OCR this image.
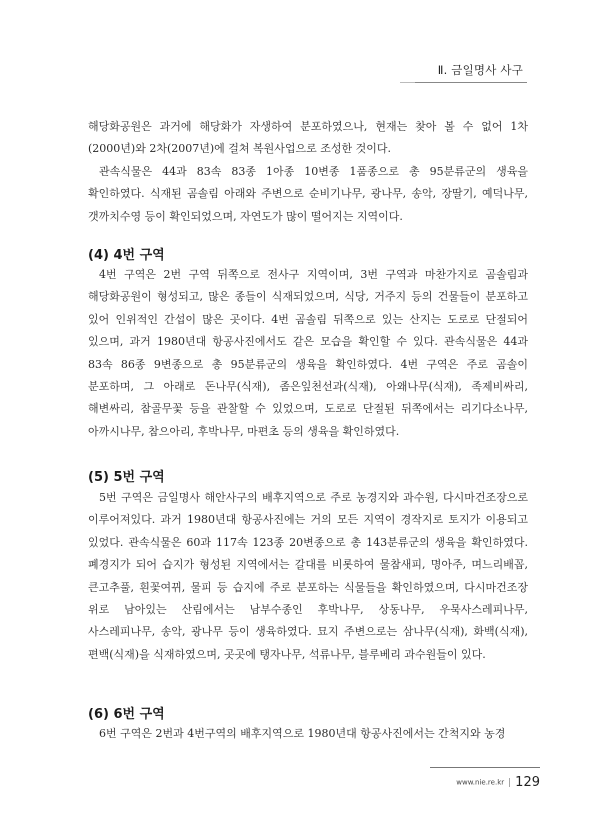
Ⅱ. 금일명사 사구

해당화공원은 과거에 해당화가 자생하여 분포하였으나, 현재는 찾아 볼 수 없어 1차(2000년)와 2차(2007년)에 걸쳐 복원사업으로 조성한 것이다.

관속식물은 44과 83속 83종 1아종 10변종 1품종으로 총 95분류군의 생육을 확인하였다. 식재된 곰솔림 아래와 주변으로 순비기나무, 광나무, 송악, 장딸기, 예덕나무, 갯까치수영 등이 확인되었으며, 자연도가 많이 떨어지는 지역이다.

(4) 4번 구역

4번 구역은 2번 구역 뒤쪽으로 전사구 지역이며, 3번 구역과 마찬가지로 곰솔림과 해당화공원이 형성되고, 많은 종들이 식재되었으며, 식당, 거주지 등의 건물들이 분포하고 있어 인위적인 간섭이 많은 곳이다. 4번 곰솔림 뒤쪽으로 있는 산지는 도로로 단절되어 있으며, 과거 1980년대 항공사진에서도 같은 모습을 확인할 수 있다. 관속식물은 44과 83속 86종 9변종으로 총 95분류군의 생육을 확인하였다. 4번 구역은 주로 곰솔이 분포하며, 그 아래로 돈나무(식재), 좀은잎천선과(식재), 아왜나무(식재), 족제비싸리, 해변싸리, 참골무꽃 등을 관찰할 수 있었으며, 도로로 단절된 뒤쪽에서는 리기다소나무, 아까시나무, 참으아리, 후박나무, 마편초 등의 생육을 확인하였다.

(5) 5번 구역

5번 구역은 금일명사 해안사구의 배후지역으로 주로 농경지와 과수원, 다시마건조장으로 이루어져있다. 과거 1980년대 항공사진에는 거의 모든 지역이 경작지로 토지가 이용되고 있었다. 관속식물은 60과 117속 123종 20변종으로 총 143분류군의 생육을 확인하였다. 폐경지가 되어 습지가 형성된 지역에서는 갈대를 비롯하여 물참새피, 명아주, 며느리배꼽, 큰고추풀, 흰꽃여뀌, 물피 등 습지에 주로 분포하는 식물들을 확인하였으며, 다시마건조장 위로 남아있는 산림에서는 남부수종인 후박나무, 상동나무, 우묵사스레피나무, 사스레피나무, 송악, 광나무 등이 생육하였다. 묘지 주변으로는 삼나무(식재), 화백(식재), 편백(식재)을 식재하였으며, 곳곳에 탱자나무, 석류나무, 블루베리 과수원들이 있다.

(6) 6번 구역

6번 구역은 2번과 4번구역의 배후지역으로 1980년대 항공사진에서는 간척지와 농경

www.nie.re.kr | 129
